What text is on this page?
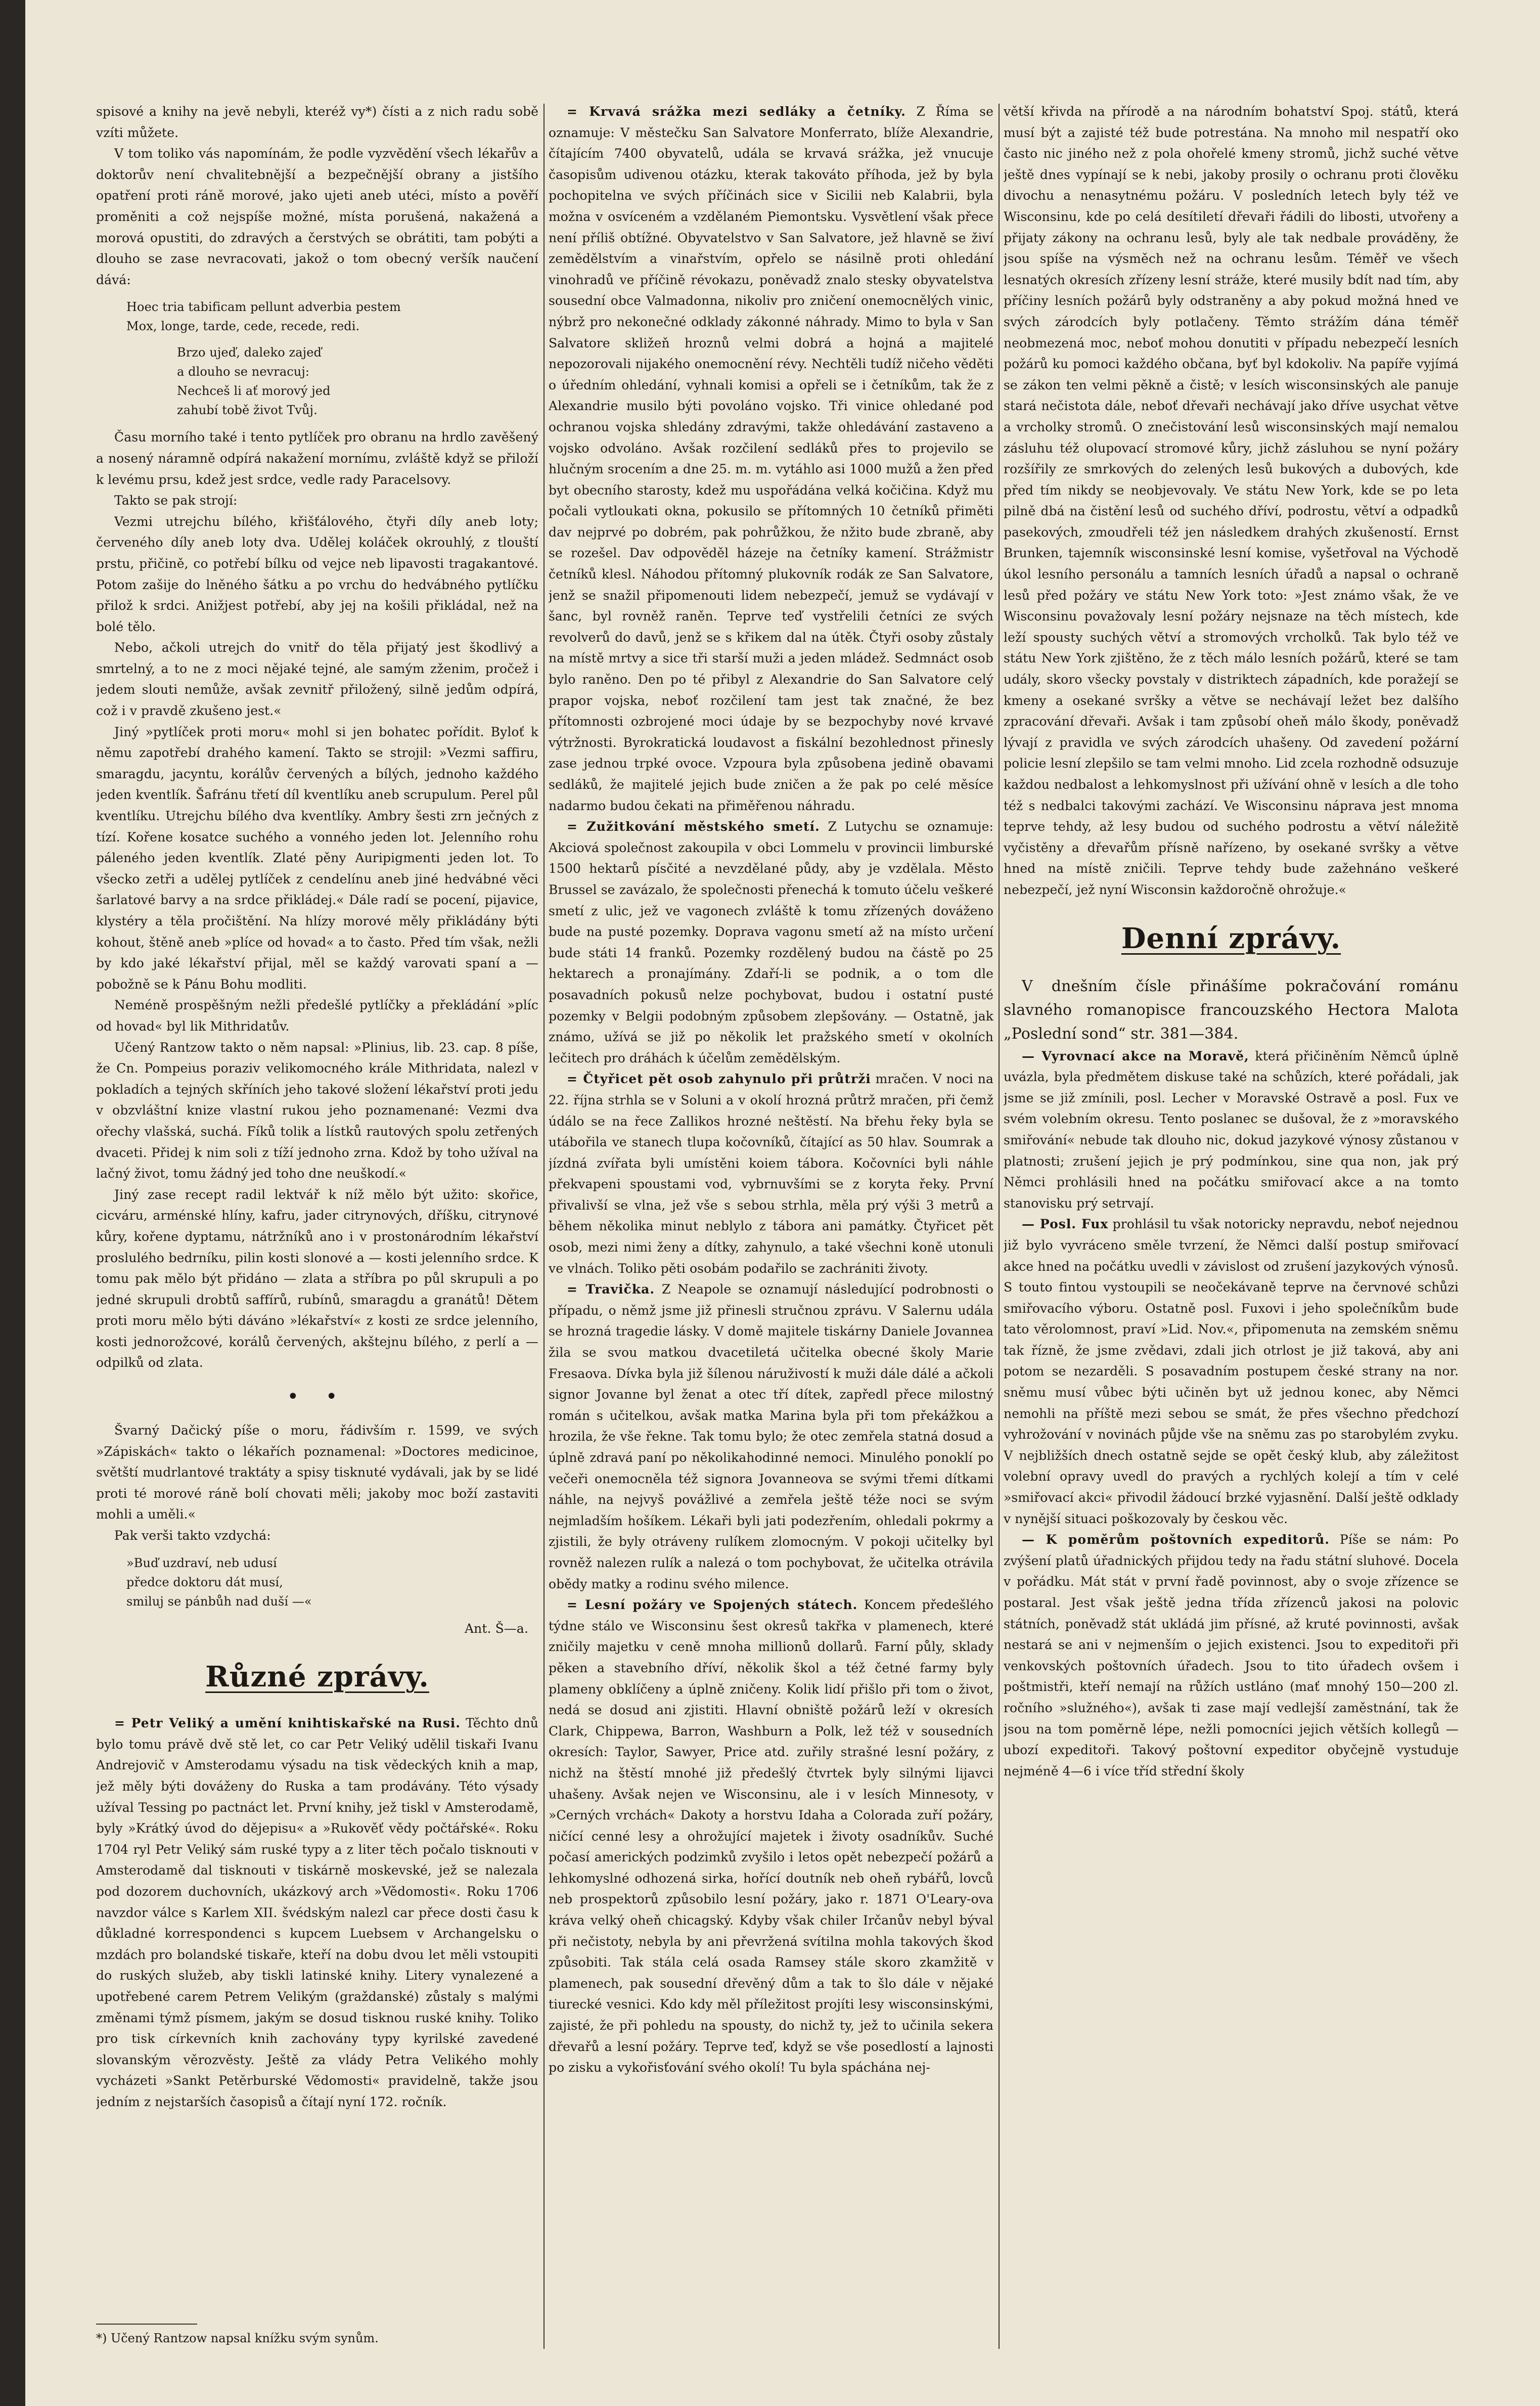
spisové a knihy na jevě nebyli, kteréž vy*) čísti a z nich radu sobě vzíti můžete.

V tom toliko vás napomínám, že podle vyzvědění všech lékařův a doktorův není chvalitebnější a bezpečnější obrany a jistšího opatření proti ráně morové, jako ujeti aneb utéci, místo a pověří proměniti a což nejspíše možné, místa porušená, nakažená a morová opustiti, do zdravých a čerstvých se obrátiti, tam pobýti a dlouho se zase nevracovati, jakož o tom obecný veršík naučení dává:

Hoec tria tabificam pellunt adverbia pestem
Mox, longe, tarde, cede, recede, redi.
Brzo ujeď, daleko zajeď
a dlouho se nevracuj:
Nechceš li ať morový jed
zahubí tobě život Tvůj.

Času morního také i tento pytlíček pro obranu na hrdlo zavěšený a nosený náramně odpírá nakažení mornímu, zvláště když se přiloží k levému prsu, kdež jest srdce, vedle rady Paracelsovy.

Takto se pak strojí:

Vezmi utrejchu bílého, křišťálového, čtyři díly aneb loty; červeného díly aneb loty dva. Udělej koláček okrouhlý, z tlouští prstu, přičině, co potřebí bílku od vejce neb lipavosti tragakantové. Potom zašije do lněného šátku a po vrchu do hedvábného pytlíčku přilož k srdci. Anižjest potřebí, aby jej na košili přikládal, než na bolé tělo.

Nebo, ačkoli utrejch do vnitř do těla přijatý jest škodlivý a smrtelný, a to ne z moci nějaké tejné, ale samým zženim, pročež i jedem slouti nemůže, avšak zevnitř přiložený, silně jedům odpírá, což i v pravdě zkušeno jest.«

Jiný »pytlíček proti moru« mohl si jen bohatec pořídit. Byloť k němu zapotřebí drahého kamení. Takto se strojil: »Vezmi saffiru, smaragdu, jacyntu, korálův červených a bílých, jednoho každého jeden kventlík. Šafránu třetí díl kventlíku aneb scrupulum. Perel půl kventlíku. Utrejchu bílého dva kventlíky. Ambry šesti zrn ječných z tízí. Kořene kosatce suchého a vonného jeden lot. Jelenního rohu páleného jeden kventlík. Zlaté pěny Auripigmenti jeden lot. To všecko zetři a udělej pytlíček z cendelínu aneb jiné hedvábné věci šarlatové barvy a na srdce přikládej.« Dále radí se pocení, pijavice, klystéry a těla pročištění. Na hlízy morové měly přikládány býti kohout, štěně aneb »plíce od hovad« a to častо. Před tím však, nežli by kdo jaké lékařství přijal, měl se každý varovati spaní a — pobožně se k Pánu Bohu modliti.

Neméně prospěšným nežli předešlé pytlíčky a překládání »plíc od hovad« byl lik Mithridatův.

Učený Rantzow takto o něm napsal: »Plinius, lib. 23. cap. 8 píše, že Cn. Pompeius poraziv velikomocného krále Mithridata, nalezl v pokladích a tejných skříních jeho takové složení lékařství proti jedu v obzvláštní knize vlastní rukou jeho poznamenané: Vezmi dva ořechy vlašská, suchá. Fíků tolik a lístků rautových spolu zetřených dvaceti. Přidej k nim soli z tíží jednoho zrna. Kdož by toho užíval na lačný život, tomu žádný jed toho dne neuškodí.«

Jiný zase recept radil lektvář k níž mělo být užito: skořice, cicváru, arménské hlíny, kafru, jader citrynových, dříšku, citrynové kůry, kořene dyptamu, nátržníků ano i v prostonárodním lékařství proslulého bedrníku, pilin kosti slonové a — kosti jelenního srdce. K tomu pak mělo být přidáno — zlata a stříbra po půl skrupuli a po jedné skrupuli drobtů saffírů, rubínů, smaragdu a granátů! Dětem proti moru mělo býti dáváno »lékařství« z kosti ze srdce jelenního, kosti jednorožcové, korálů červených, akštejnu bílého, z perlí a — odpilků od zlata.

• •

Švarný Dačický píše o moru, řádivším r. 1599, ve svých »Zápiskách« takto o lékařích poznamenal: »Doctores medicinoe, světští mudrlantové traktáty a spisy tisknuté vydávali, jak by se lidé proti té morové ráně bolí chovati měli; jakoby moc boží zastaviti mohli a uměli.«

Pak verši takto vzdychá:

»Buď uzdraví, neb udusí
předce doktoru dát musí,
smiluj se pánbůh nad duší —«
Ant. Š—a.
Různé zprávy.

= Petr Veliký a umění knihtiskařské na Rusi. Těchto dnů bylo tomu právě dvě stě let, co car Petr Veliký udělil tiskaři Ivanu Andrejovič v Amsterodamu výsadu na tisk vědeckých knih a map, jež měly býti dováženy do Ruska a tam prodávány. Této výsady užíval Tessing po pactnáct let. První knihy, jež tiskl v Amsterodamě, byly »Krátký úvod do dějepisu« a »Rukověť vědy počtářské«. Roku 1704 ryl Petr Veliký sám ruské typy a z liter těch počalo tisknouti v Amsterodamě dal tisknouti v tiskárně moskevské, jež se nalezala pod dozorem duchovních, ukázkový arch »Vědomosti«. Roku 1706 navzdor válce s Karlem XII. švédským nalezl car přece dosti času k důkladné korrespondenci s kupcem Luebsem v Archangelsku o mzdách pro bolandské tiskaře, kteří na dobu dvou let měli vstoupiti do ruských služeb, aby tiskli latinské knihy. Litery vynalezené a upotřebené carem Petrem Velikým (graždanské) zůstaly s malými změnami týmž písmem, jakým se dosud tisknou ruské knihy. Toliko pro tisk církevních knih zachovány typy kyrilské zavedené slovanským věrozvěsty. Ještě za vlády Petra Velikého mohly vycházeti »Sankt Petěrburské Vědomosti« pravidelně, takže jsou jedním z nejstarších časopisů a čítají nyní 172. ročník.

*) Učený Rantzow napsal knížku svým synům.

= Krvavá srážka mezi sedláky a četníky. Z Říma se oznamuje: V městečku San Salvatore Monferrato, blíže Alexandrie, čítajícím 7400 obyvatelů, udála se krvavá srážka, jež vnucuje časopisům udivenou otázku, kterak takováto příhoda, jež by byla pochopitelna ve svých příčinách sice v Sicilii neb Kalabrii, byla možna v osvíceném a vzdělaném Piemontsku. Vysvětlení však přece není příliš obtížné. Obyvatelstvo v San Salvatore, jež hlavně se živí zemědělstvím a vinařstvím, opřelo se násilně proti ohledání vinohradů ve příčině révokazu, poněvadž znalo stesky obyvatelstva sousední obce Valmadonna, nikoliv pro zničení onemocnělých vinic, nýbrž pro nekonečné odklady zákonné náhrady. Mimo to byla v San Salvatore skližeň hroznů velmi dobrá a hojná a majitelé nepozorovali nijakého onemocnění révy. Nechtěli tudíž ničeho věděti o úředním ohledání, vyhnali komisi a opřeli se i četníkům, tak že z Alexandrie musilo býti povoláno vojsko. Tři vinice ohledané pod ochranou vojska shledány zdravými, takže ohledávání zastaveno a vojsko odvoláno. Avšak rozčilení sedláků přes to projevilo se hlučným srocením a dne 25. m. m. vytáhlo asi 1000 mužů a žen před byt obecního starosty, kdež mu uspořádána velká kočičina. Když mu počali vytloukati okna, pokusilo se přítomných 10 četníků přiměti dav nejprvé po dobrém, pak pohrůžkou, že nžito bude zbraně, aby se rozešel. Dav odpověděl házeje na četníky kamení. Strážmistr četníků klesl. Náhodou přítomný plukovník rodák ze San Salvatore, jenž se snažil připomenouti lidem nebezpečí, jemuž se vydávají v šanc, byl rovněž raněn. Teprve teď vystřelili četníci ze svých revolverů do davů, jenž se s křikem dal na útěk. Čtyři osoby zůstaly na místě mrtvy a sice tři starší muži a jeden mládež. Sedmnáct osob bylo raněno. Den po té přibyl z Alexandrie do San Salvatore celý prapor vojska, neboť rozčilení tam jest tak značné, že bez přítomnosti ozbrojené moci údaje by se bezpochyby nové krvavé výtržnosti. Byrokratická loudavost a fiskální bezohlednost přinesly zase jednou trpké ovoce. Vzpoura byla způsobena jedině obavami sedláků, že majitelé jejich bude zničen a že pak po celé měsíce nadarmo budou čekati na přiměřenou náhradu.

= Zužitkování městského smetí. Z Lutychu se oznamuje: Akciová společnost zakoupila v obci Lommelu v provincii limburské 1500 hektarů písčité a nevzdělané půdy, aby je vzdělala. Město Brussel se zavázalo, že společnosti přenechá k tomuto účelu veškeré smetí z ulic, jež ve vagonech zvláště k tomu zřízených dováženo bude na pusté pozemky. Doprava vagonu smetí až na místo určení bude státi 14 franků. Pozemky rozdělený budou na částě po 25 hektarech a pronajímány. Zdaří-li se podnik, a o tom dle posavadních pokusů nelze pochybovat, budou i ostatní pusté pozemky v Belgii podobným způsobem zlepšovány. — Ostatně, jak známo, užívá se již po několik let pražského smetí v okolních lečitech pro dráhách k účelům zemědělským.

= Čtyřicet pět osob zahynulo při průtrži mračen. V noci na 22. října strhla se v Soluni a v okolí hrozná průtrž mračen, při čemž údálo se na řece Zallikos hrozné neštěstí. Na břehu řeky byla se utábořila ve stanech tlupa kočovníků, čítající as 50 hlav. Soumrak a jízdná zvířata byli umístěni koiem tábora. Kočovníci byli náhle překvapeni spoustami vod, vybrnuvšími se z koryta řeky. První přivalivší se vlna, jež vše s sebou strhla, měla prý výši 3 metrů a během několika minut neblylo z tábora ani památky. Čtyřicet pět osob, mezi nimi ženy a dítky, zahynulo, a také všechni koně utonuli ve vlnách. Toliko pěti osobám podařilo se zachrániti životy.

= Travička. Z Neapole se oznamují následující podrobnosti o případu, o němž jsme již přinesli stručnou zprávu. V Salernu udála se hrozná tragedie lásky. V domě majitele tiskárny Daniele Jovanneа žila se svou matkou dvacetiletá učitelka obecné školy Marie Fresaova. Dívka byla již šílenou náruživostí k muži dále dálé a ačkoli signor Jovanne byl ženat a otec tří dítek, zapředl přece milostný román s učitelkou, avšak matka Marina byla při tom překážkou a hrozila, že vše řekne. Tak tomu bylo; že otec zemřela statná dosud a úplně zdravá paní po několikahodinné nemoci. Minulého ponoklí po večeři onemocněla též signora Jovanneova se svými třemi dítkami náhle, na nejvyš povážlivé a zemřela ještě téže noci se svým nejmladším hošíkem. Lékaři byli jati podezřením, ohledali pokrmy a zjistili, že byly otráveny rulíkem zlomocným. V pokoji učitelky byl rovněž nalezen rulík a nalezá o tom pochybovat, že učitelka otrávila obědy matky a rodinu svého milence.

= Lesní požáry ve Spojených státech. Koncem předešlého týdne stálo ve Wisconsinu šest okresů takřka v plamenech, které zničily majetku v ceně mnoha millionů dollarů. Farní půly, sklady pěken a stavebního dříví, několik škol a též četné farmy byly plameny obklíčeny a úplně zničeny. Kolik lidí přišlo při tom o život, nedá se dosud ani zjistiti. Hlavní obniště požárů leží v okresích Clark, Chippewa, Barron, Washburn a Polk, lež též v sousedních okresích: Taylor, Sawyer, Price atd. zuřily strašné lesní požáry, z nichž na štěstí mnohé již předešlý čtvrtek byly silnými lijavci uhašeny. Avšak nejen ve Wisconsinu, ale i v lesích Minnesoty, v »Cerných vrchách« Dakoty a horstvu Idaha a Colorada zuří požáry, ničící cenné lesy a ohrožující majetek i životy osadníkův. Suché počasí amerických podzimků zvyšilo i letos opět nebezpečí požárů a lehkomyslné odhozená sirka, hořící doutník neb oheň rybářů, lovců neb prospektorů způsobilo lesní požáry, jako r. 1871 O'Leary-ova kráva velký oheň chicagský. Kdyby však chiler Irčanův nebyl býval při nečistoty, nebyla by ani převržená svítilna mohla takových škod způsobiti. Tak stála celá osada Ramsey stále skoro zkamžitě v plamenech, pak sousední dřevěný dům a tak to šlo dále v nějaké tiurecké vesnici. Kdo kdy měl příležitost projíti lesy wisconsinskými, zajisté, že při pohledu na spousty, do nichž ty, jež to učinila sekera dřevařů a lesní požáry. Teprve teď, když se vše posedlostí a lajnosti po zisku a vykořisťování svého okolí! Tu byla spáchána nej-

větší křivda na přírodě a na národním bohatství Spoj. států, která musí být a zajisté též bude potrestána. Na mnoho mil nespatří oko často nic jiného než z pola ohořelé kmeny stromů, jichž suché větve ještě dnes vypínají se k nebi, jakoby prosily o ochranu proti člověku divochu a nenasytnému požáru. V posledních letech byly též ve Wisconsinu, kde po celá desítiletí dřevaři řádili do libosti, utvořeny a přijaty zákony na ochranu lesů, byly ale tak nedbale prováděny, že jsou spíše na výsměch než na ochranu lesům. Téměř ve všech lesnatých okresích zřízeny lesní stráže, které musily bdít nad tím, aby příčiny lesních požárů byly odstraněny a aby pokud možná hned ve svých zárodcích byly potlačeny. Těmto strážím dána téměř neobmezená moc, neboť mohou donutiti v případu nebezpečí lesních požárů ku pomoci každého občana, byť byl kdokoliv. Na papíře vyjímá se zákon ten velmi pěkně a čistě; v lesích wisconsinských ale panuje stará nečistota dále, neboť dřevaři nechávají jako dříve usychat větve a vrcholky stromů. O znečistování lesů wisconsinských mají nemalou zásluhu též olupovací stromové kůry, jichž zásluhou se nyní požáry rozšířily ze smrkových do zelených lesů bukových a dubových, kde před tím nikdy se neobjevovaly. Ve státu New York, kde se po leta pilně dbá na čistění lesů od suchého dříví, podrostu, větví a odpadků pasekových, zmoudřeli též jen následkem drahých zkušeností. Ernst Brunken, tajemník wisconsinské lesní komise, vyšetřoval na Východě úkol lesního personálu a tamních lesních úřadů a napsal o ochraně lesů před požáry ve státu New York toto: »Jest známo však, že ve Wisconsinu považovaly lesní požáry nejsnaze na těch místech, kde leží spousty suchých větví a stromových vrcholků. Tak bylo též ve státu New York zjištěno, že z těch málo lesních požárů, které se tam udály, skoro všecky povstaly v distriktech západních, kde poražejí se kmeny a osekané svršky a větve se nechávají ležet bez dalšího zpracování dřevaři. Avšak i tam způsobí oheň málo škody, poněvadž lývají z pravidla ve svých zárodcích uhašeny. Od zavedení požární policie lesní zlepšilo se tam velmi mnoho. Lid zcela rozhodně odsuzuje každou nedbalost a lehkomyslnost při užívání ohně v lesích a dle toho též s nedbalci takovými zachází. Ve Wisconsinu nápravа jest mnoma teprve tehdy, až lesy budou od suchého podrostu a větví náležitě vyčistěny a dřevařům přísně nařízeno, by osekané svršky a větve hned na místě zničili. Teprve tehdy bude zažehnáno veškeré nebezpečí, jež nyní Wisconsin každoročně ohrožuje.«

Denní zprávy.

V dnešním čísle přinášíme pokračování románu slavného romanopisce francouzského Hectora Malota „Poslední sond“ str. 381—384.

— Vyrovnací akce na Moravě, která přičiněním Němců úplně uvázla, byla předmětem diskuse také na schůzích, které pořádali, jak jsme se již zmínili, posl. Lecher v Moravské Ostravě a posl. Fux ve svém volebním okresu. Tento poslanec se dušoval, že z »moravského smiřování« nebude tak dlouho nic, dokud jazykové výnosy zůstanou v platnosti; zrušení jejich je prý podmínkou, sine qua non, jak prý Němci prohlásili hned na počátku smiřovací akce a na tomto stanovisku prý setrvají.

— Posl. Fux prohlásil tu však notoricky nepravdu, neboť nejednou již bylo vyvráceno směle tvrzení, že Němci další postup smiřovací akce hned na počátku uvedli v závislost od zrušení jazykových výnosů. S touto fintou vystoupili se neočekávaně teprve na červnové schůzi smiřovacího výboru. Ostatně posl. Fuxovi i jeho společníkům bude tato věrolomnost, praví »Lid. Nov.«, připomenuta na zemském sněmu tak řízně, že jsme zvědavi, zdali jich otrlost je již taková, aby ani potom se nezarděli. S posavadním postupem české strany na nor. sněmu musí vůbec býti učiněn byt už jednou konec, aby Němci nemohli na příště mezi sebou se smát, že přes všechno předchozí vyhrožování v novinách půjde vše na sněmu zas po starobylém zvyku. V nejbližších dnech ostatně sejde se opět český klub, aby záležitost volební opravy uvedl do pravých a rychlých kolejí a tím v celé »smiřovací akci« přivodil žádoucí brzké vyjasnění. Další ještě odklady v nynější situaci poškozovaly by českou věc.

— K poměrům poštovních expeditorů. Píše se nám: Po zvýšení platů úřadnických přijdou tedy na řadu státní sluhové. Docela v pořádku. Mát stát v první řadě povinnost, aby o svoje zřízence se postaral. Jest však ještě jedna třída zřízenců jakosi na polovic státních, poněvadž stát ukládá jim přísné, až kruté povinnosti, avšak nestará se ani v nejmenším o jejich existenci. Jsou to expeditoři při venkovských poštovních úřadech. Jsou to tito úřadech ovšem i poštmistři, kteří nemají na růžích ustláno (mať mnohý 150—200 zl. ročního »služného«), avšak ti zase mají vedlejší zaměstnání, tak že jsou na tom poměrně lépe, nežli pomocníci jejich větších kollegů — ubozí expeditoři. Takový poštovní expeditor obyčejně vystuduje nejméně 4—6 i více tříd střední školy
